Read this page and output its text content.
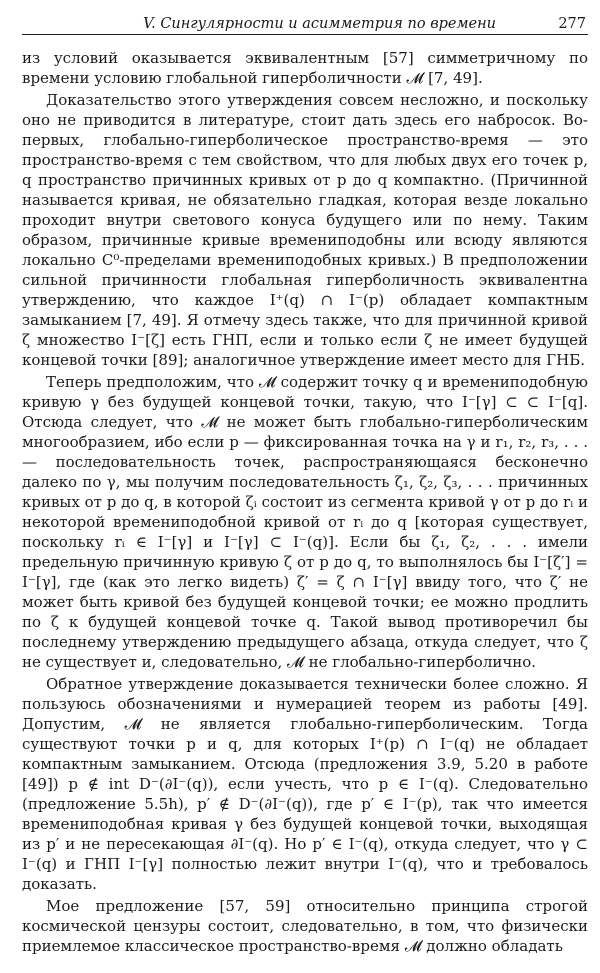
V. Сингулярности и асимметрия по времени	277

из условий оказывается эквивалентным [57] симметричному по времени условию глобальной гиперболичности 𝓜 [7, 49].

Доказательство этого утверждения совсем несложно, и поскольку оно не приводится в литературе, стоит дать здесь его набросок. Во-первых, глобально-гиперболическое пространство-время — это пространство-время с тем свойством, что для любых двух его точек p, q пространство причинных кривых от p до q компактно. (Причинной называется кривая, не обязательно гладкая, которая везде локально проходит внутри светового конуса будущего или по нему. Таким образом, причинные кривые времениподобны или всюду являются локально C⁰-пределами времениподобных кривых.) В предположении сильной причинности глобальная гиперболичность эквивалентна утверждению, что каждое I⁺(q) ∩ I⁻(p) обладает компактным замыканием [7, 49]. Я отмечу здесь также, что для причинной кривой ζ множество I⁻[ζ] есть ГНП, если и только если ζ не имеет будущей концевой точки [89]; аналогичное утверждение имеет место для ГНБ.

Теперь предположим, что 𝓜 содержит точку q и времениподобную кривую γ без будущей концевой точки, такую, что I⁻[γ] ⊂ ⊂ I⁻[q]. Отсюда следует, что 𝓜 не может быть глобально-гиперболическим многообразием, ибо если p — фиксированная точка на γ и r₁, r₂, r₃, . . . — последовательность точек, распространяющаяся бесконечно далеко по γ, мы получим последовательность ζ₁, ζ₂, ζ₃, . . . причинных кривых от p до q, в которой ζᵢ состоит из сегмента кривой γ от p до rᵢ и некоторой времениподобной кривой от rᵢ до q [которая существует, поскольку rᵢ ∈ I⁻[γ] и I⁻[γ] ⊂ I⁻(q)]. Если бы ζ₁, ζ₂, . . . имели предельную причинную кривую ζ от p до q, то выполнялось бы I⁻[ζ′] = I⁻[γ], где (как это легко видеть) ζ′ = ζ ∩ I⁻[γ] ввиду того, что ζ′ не может быть кривой без будущей концевой точки; ее можно продлить по ζ к будущей концевой точке q. Такой вывод противоречил бы последнему утверждению предыдущего абзаца, откуда следует, что ζ не существует и, следовательно, 𝓜 не глобально-гиперболично.

Обратное утверждение доказывается технически более сложно. Я пользуюсь обозначениями и нумерацией теорем из работы [49]. Допустим, 𝓜 не является глобально-гиперболическим. Тогда существуют точки p и q, для которых I⁺(p) ∩ I⁻(q) не обладает компактным замыканием. Отсюда (предложения 3.9, 5.20 в работе [49]) p ∉ int D⁻(∂I⁻(q)), если учесть, что p ∈ I⁻(q). Следовательно (предложение 5.5h), p′ ∉ D⁻(∂I⁻(q)), где p′ ∈ I⁻(p), так что имеется времениподобная кривая γ без будущей концевой точки, выходящая из p′ и не пересекающая ∂I⁻(q). Но p′ ∈ I⁻(q), откуда следует, что γ ⊂ I⁻(q) и ГНП I⁻[γ] полностью лежит внутри I⁻(q), что и требовалось доказать.

Мое предложение [57, 59] относительно принципа строгой космической цензуры состоит, следовательно, в том, что физически приемлемое классическое пространство-время 𝓜 должно обладать
